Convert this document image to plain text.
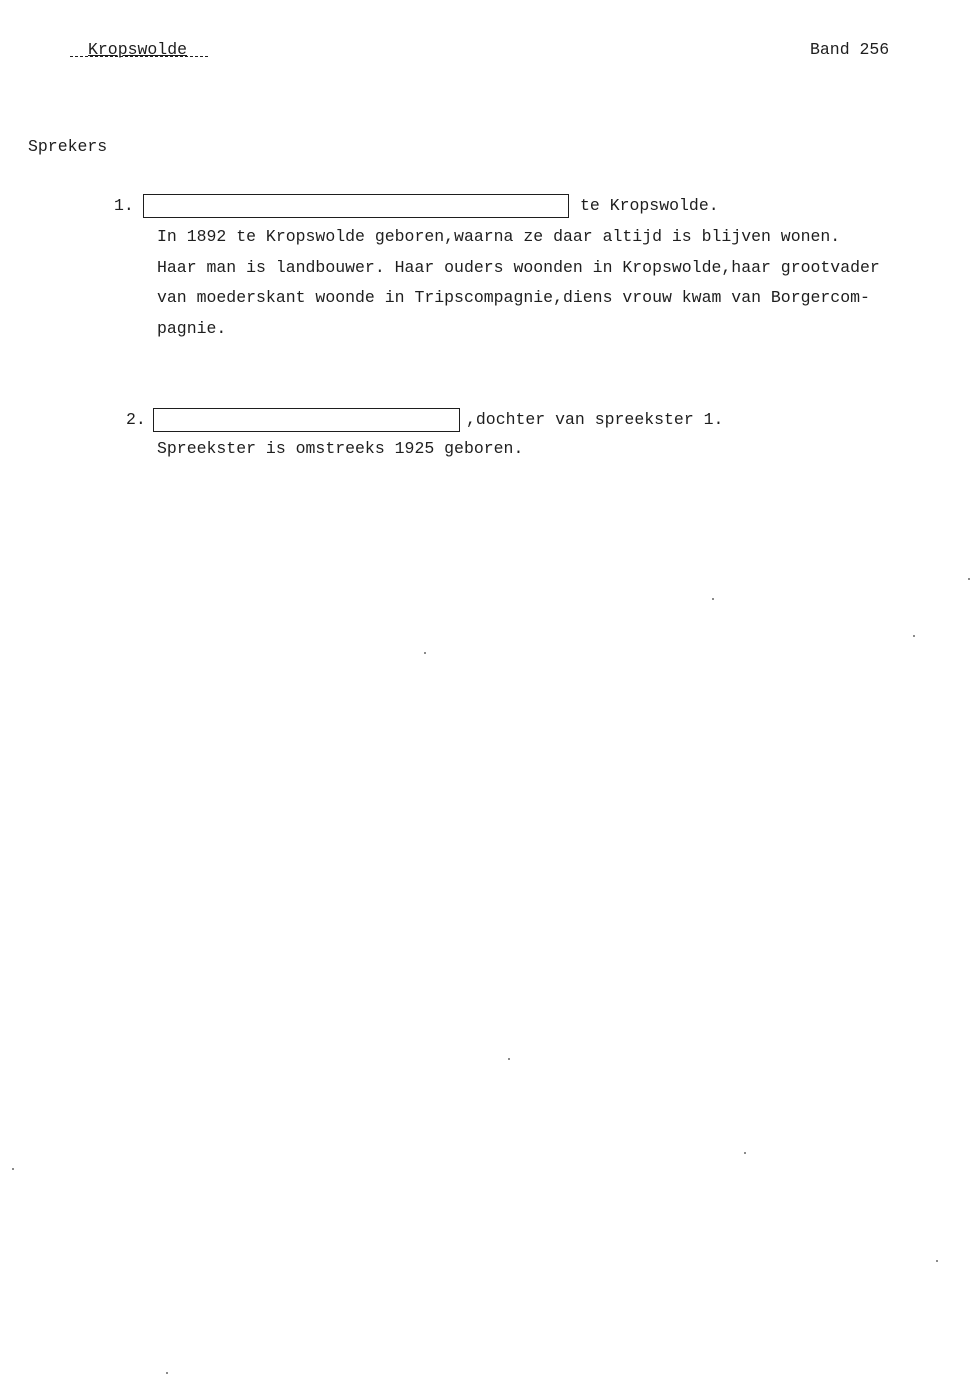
Kropswolde	Band 256
Sprekers
1.	te Kropswolde.
In 1892 te Kropswolde geboren,waarna ze daar altijd is blijven wonen.
Haar man is landbouwer. Haar ouders woonden in Kropswolde,haar grootvader
van moederskant woonde in Tripscompagnie,diens vrouw kwam van Borgercom-
pagnie.
2.	,dochter van spreekster 1.
Spreekster is omstreeks 1925 geboren.
